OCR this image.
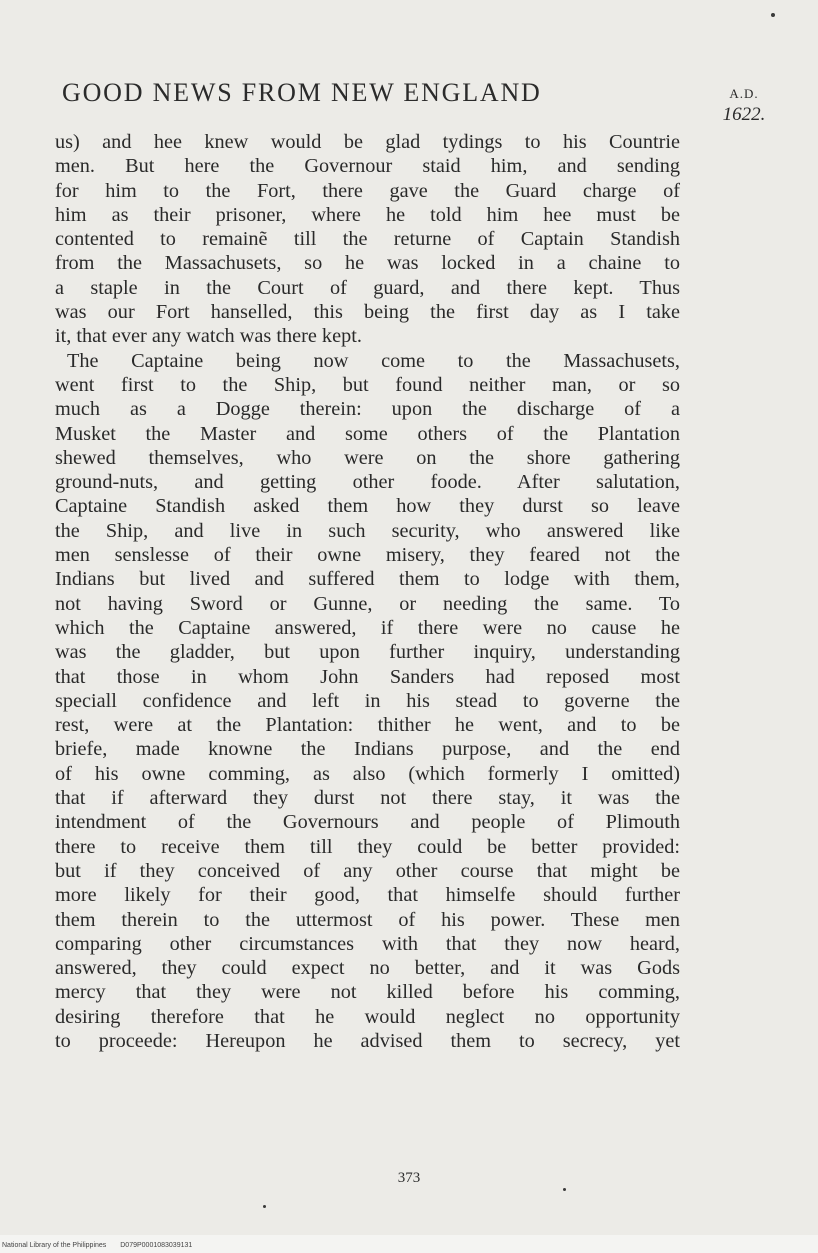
GOOD NEWS FROM NEW ENGLAND	A.D.
1622.
us) and hee knew would be glad tydings to his Countrie
men. But here the Governour staid him, and sending
for him to the Fort, there gave the Guard charge of
him as their prisoner, where he told him hee must be
contented to remainẽ till the returne of Captain Standish
from the Massachusets, so he was locked in a chaine to
a staple in the Court of guard, and there kept. Thus
was our Fort hanselled, this being the first day as I take
it, that ever any watch was there kept.
The Captaine being now come to the Massachusets,
went first to the Ship, but found neither man, or so
much as a Dogge therein: upon the discharge of a
Musket the Master and some others of the Plantation
shewed themselves, who were on the shore gathering
ground-nuts, and getting other foode. After salutation,
Captaine Standish asked them how they durst so leave
the Ship, and live in such security, who answered like
men senslesse of their owne misery, they feared not the
Indians but lived and suffered them to lodge with them,
not having Sword or Gunne, or needing the same. To
which the Captaine answered, if there were no cause he
was the gladder, but upon further inquiry, understanding
that those in whom John Sanders had reposed most
speciall confidence and left in his stead to governe the
rest, were at the Plantation: thither he went, and to be
briefe, made knowne the Indians purpose, and the end
of his owne comming, as also (which formerly I omitted)
that if afterward they durst not there stay, it was the
intendment of the Governours and people of Plimouth
there to receive them till they could be better provided:
but if they conceived of any other course that might be
more likely for their good, that himselfe should further
them therein to the uttermost of his power. These men
comparing other circumstances with that they now heard,
answered, they could expect no better, and it was Gods
mercy that they were not killed before his comming,
desiring therefore that he would neglect no opportunity
to proceede: Hereupon he advised them to secrecy, yet
373
National Library of the Philippines D079P0001083039131
